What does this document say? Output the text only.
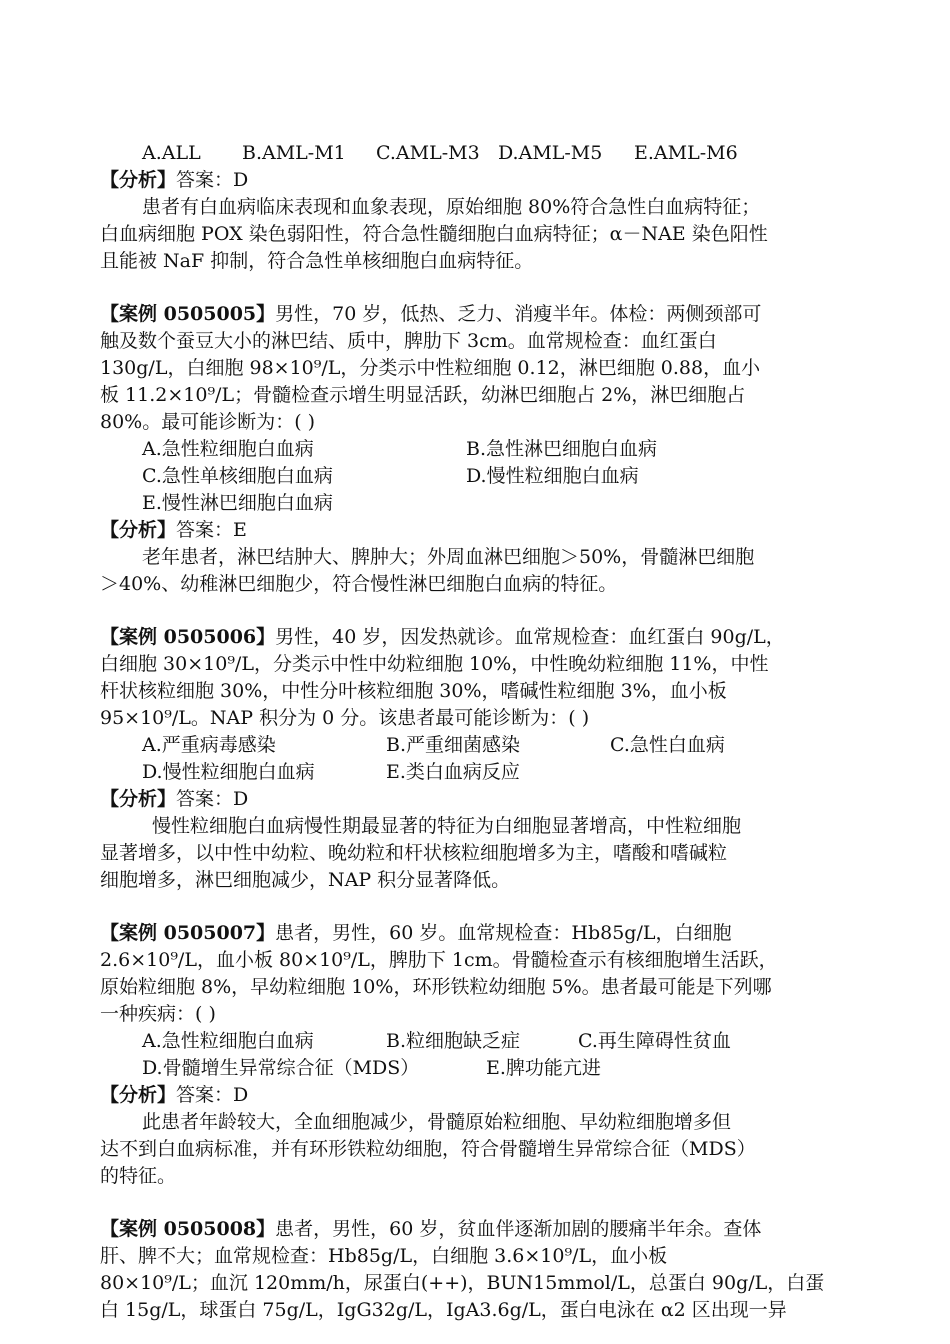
A.ALL B.AML-M1 C.AML-M3 D.AML-M5 E.AML-M6
【分析】答案：D
患者有白血病临床表现和血象表现，原始细胞 80%符合急性白血病特征；
白血病细胞 POX 染色弱阳性，符合急性髓细胞白血病特征；α－NAE 染色阳性
且能被 NaF 抑制，符合急性单核细胞白血病特征。
【案例 0505005】男性，70 岁，低热、乏力、消瘦半年。体检：两侧颈部可
触及数个蚕豆大小的淋巴结、质中，脾肋下 3cm。血常规检查：血红蛋白
130g/L，白细胞 98×10⁹/L，分类示中性粒细胞 0.12，淋巴细胞 0.88，血小
板 11.2×10⁹/L；骨髓检查示增生明显活跃，幼淋巴细胞占 2%，淋巴细胞占
80%。最可能诊断为：( )
A.急性粒细胞白血病	B.急性淋巴细胞白血病
C.急性单核细胞白血病	D.慢性粒细胞白血病
E.慢性淋巴细胞白血病
【分析】答案：E
老年患者，淋巴结肿大、脾肿大；外周血淋巴细胞＞50%，骨髓淋巴细胞
＞40%、幼稚淋巴细胞少，符合慢性淋巴细胞白血病的特征。
【案例 0505006】男性，40 岁，因发热就诊。血常规检查：血红蛋白 90g/L，
白细胞 30×10⁹/L，分类示中性中幼粒细胞 10%，中性晚幼粒细胞 11%，中性
杆状核粒细胞 30%，中性分叶核粒细胞 30%，嗜碱性粒细胞 3%，血小板
95×10⁹/L。NAP 积分为 0 分。该患者最可能诊断为：( )
A.严重病毒感染	B.严重细菌感染	C.急性白血病
D.慢性粒细胞白血病	E.类白血病反应
【分析】答案：D
慢性粒细胞白血病慢性期最显著的特征为白细胞显著增高，中性粒细胞
显著增多，以中性中幼粒、晚幼粒和杆状核粒细胞增多为主，嗜酸和嗜碱粒
细胞增多，淋巴细胞减少，NAP 积分显著降低。
【案例 0505007】患者，男性，60 岁。血常规检查：Hb85g/L，白细胞
2.6×10⁹/L，血小板 80×10⁹/L，脾肋下 1cm。骨髓检查示有核细胞增生活跃，
原始粒细胞 8%，早幼粒细胞 10%，环形铁粒幼细胞 5%。患者最可能是下列哪
一种疾病：( )
A.急性粒细胞白血病	B.粒细胞缺乏症	C.再生障碍性贫血
D.骨髓增生异常综合征（MDS）	E.脾功能亢进
【分析】答案：D
此患者年龄较大，全血细胞减少，骨髓原始粒细胞、早幼粒细胞增多但
达不到白血病标准，并有环形铁粒幼细胞，符合骨髓增生异常综合征（MDS）
的特征。
【案例 0505008】患者，男性，60 岁，贫血伴逐渐加剧的腰痛半年余。查体
肝、脾不大；血常规检查：Hb85g/L，白细胞 3.6×10⁹/L，血小板
80×10⁹/L；血沉 120mm/h，尿蛋白(++)，BUN15mmol/L，总蛋白 90g/L，白蛋
白 15g/L，球蛋白 75g/L，IgG32g/L，IgA3.6g/L，蛋白电泳在 α2 区出现一异
